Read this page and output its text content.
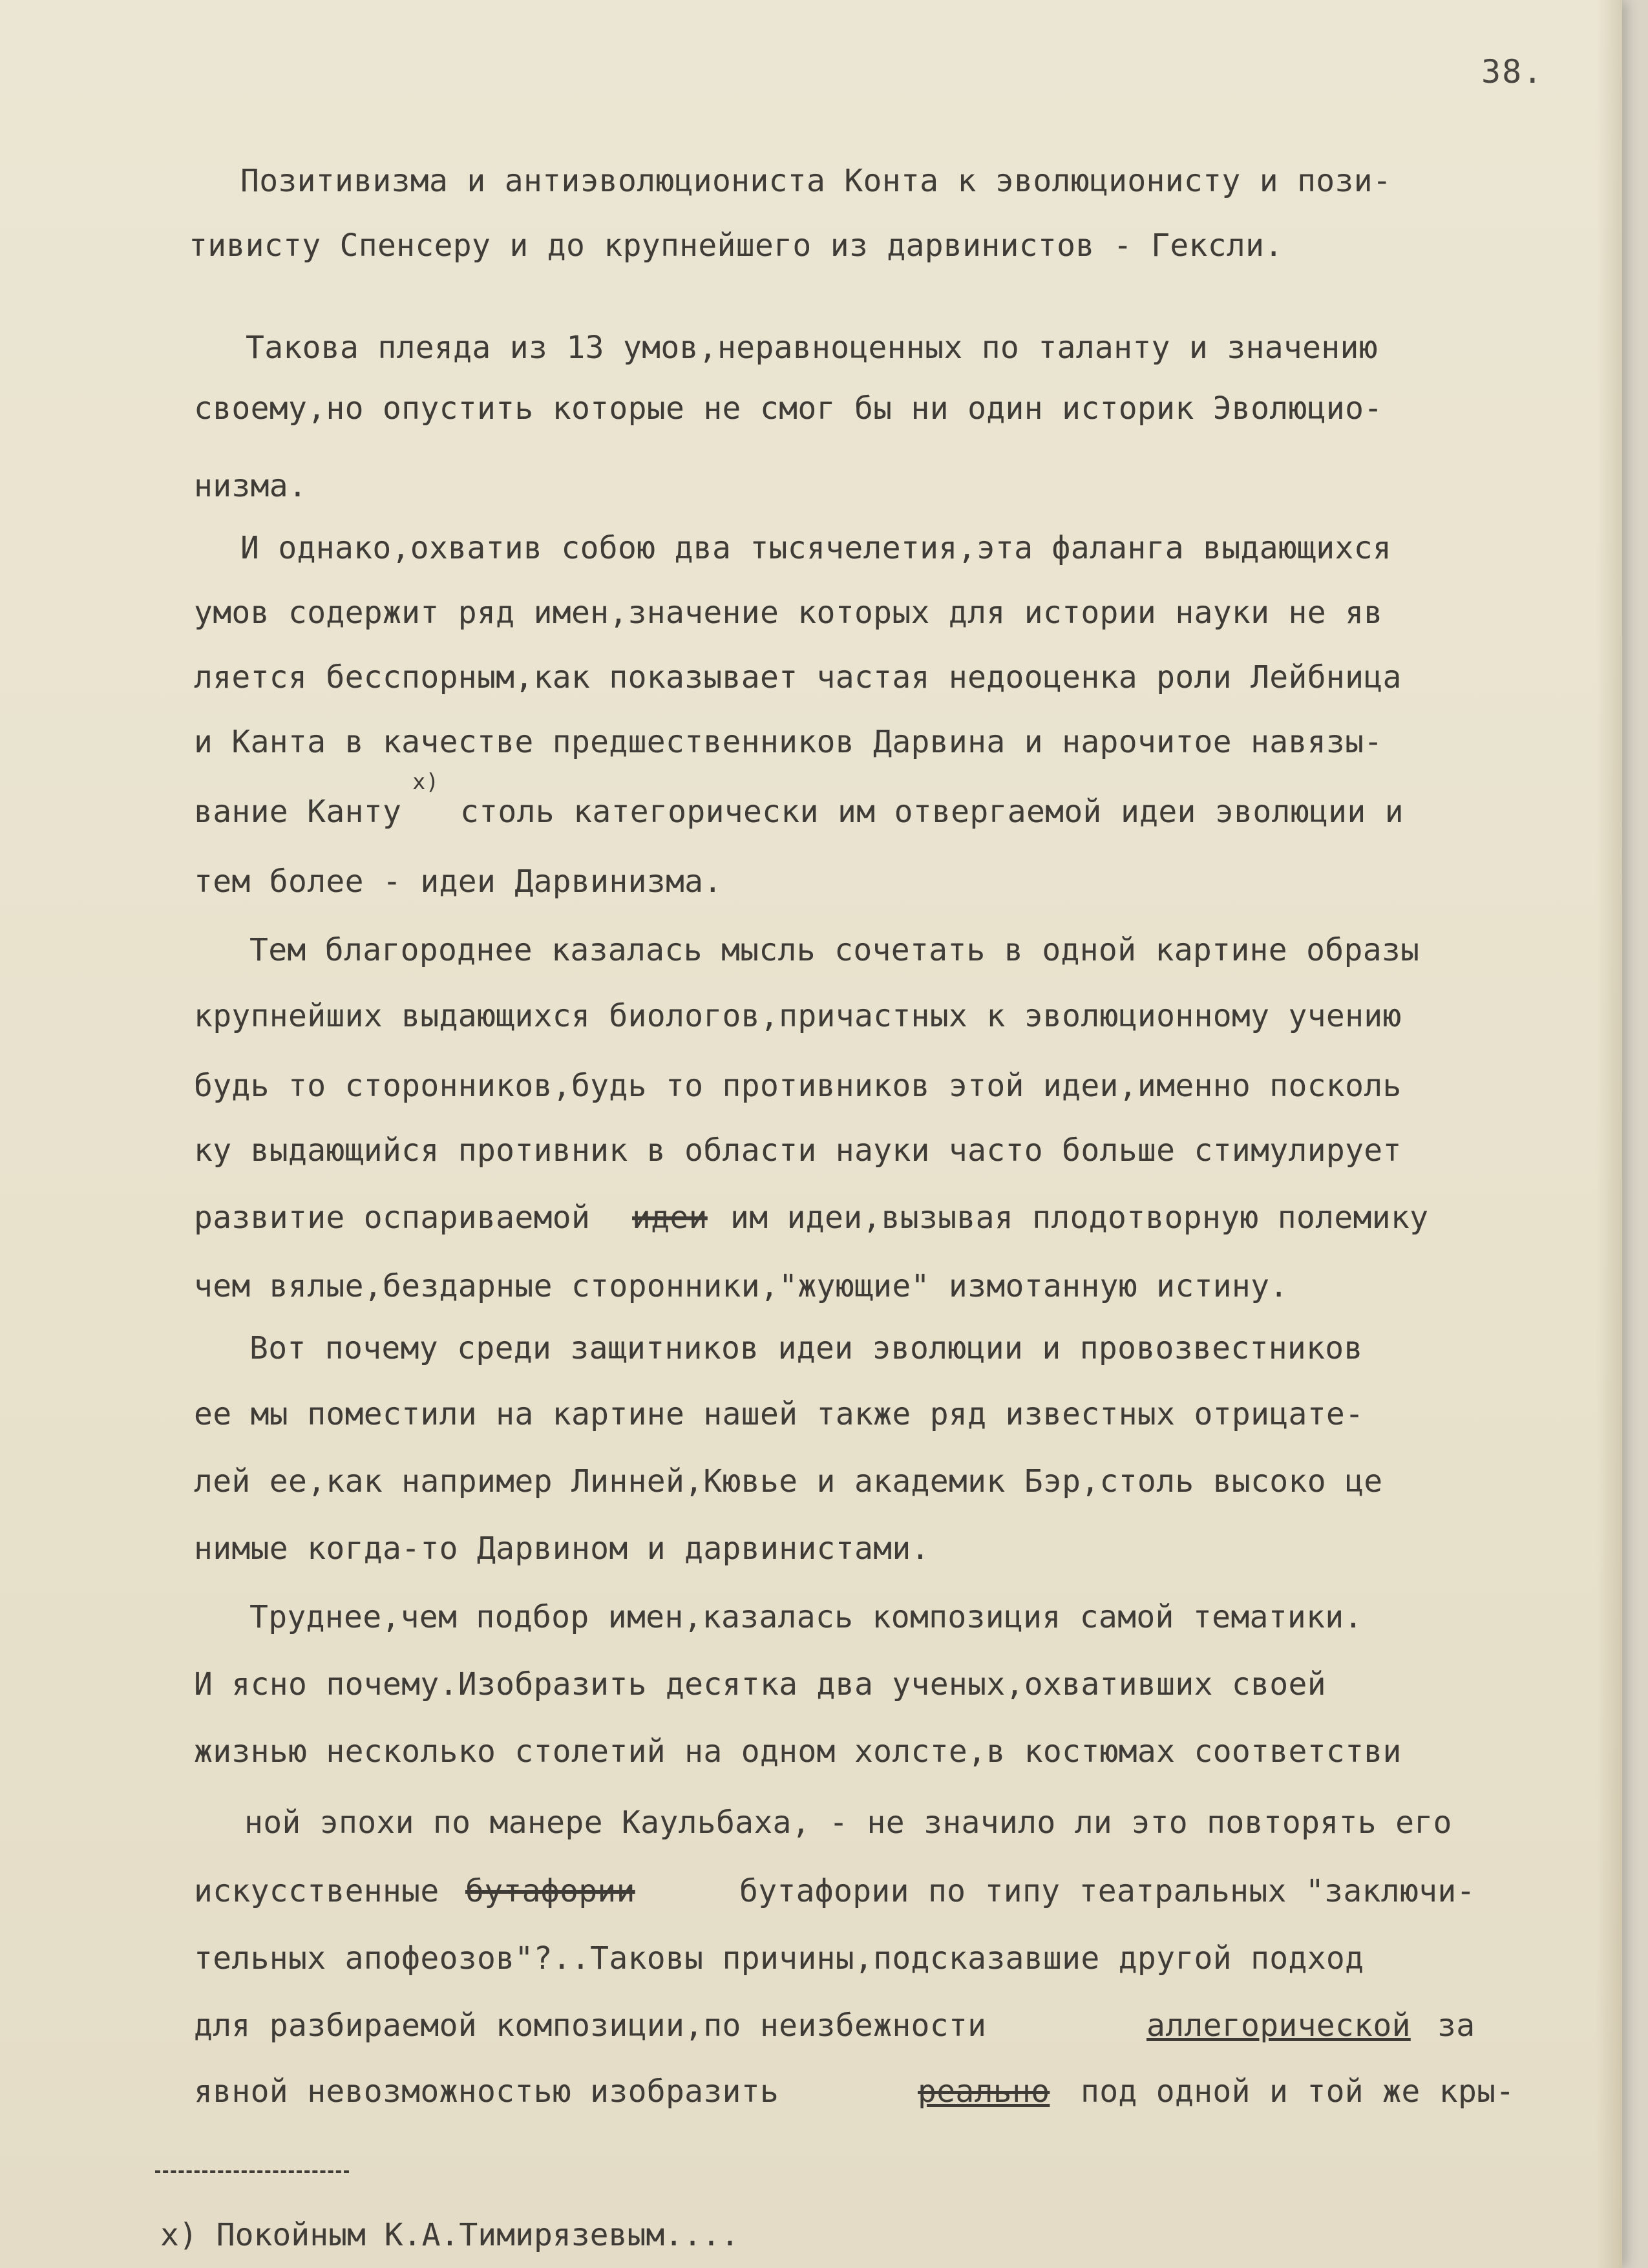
38.
Позитивизма и антиэволюциониста Конта к эволюционисту и пози-
тивисту Спенсеру и до крупнейшего из дарвинистов - Гексли.
Такова плеяда из 13 умов,неравноценных по таланту и значению
своему,но опустить которые не смог бы ни один историк Эволюцио-
низма.
И однако,охватив собою два тысячелетия,эта фаланга выдающихся
умов содержит ряд имен,значение которых для истории науки не яв
ляется бесспорным,как показывает частая недооценка роли Лейбница
и Канта в качестве предшественников Дарвина и нарочитое навязы-
вание Канту
x)
столь категорически им отвергаемой идеи эволюции и
тем более - идеи Дарвинизма.
Тем благороднее казалась мысль сочетать в одной картине образы
крупнейших выдающихся биологов,причастных к эволюционному учению
будь то сторонников,будь то противников этой идеи,именно посколь
ку выдающийся противник в области науки часто больше стимулирует
развитие оспариваемой идеи им идеи,вызывая плодотворную полемику
чем вялые,бездарные сторонники,"жующие" измотанную истину.
Вот почему среди защитников идеи эволюции и провозвестников
ее мы поместили на картине нашей также ряд известных отрицате-
лей ее,как например Линней,Кювье и академик Бэр,столь высоко це
нимые когда-то Дарвином и дарвинистами.
Труднее,чем подбор имен,казалась композиция самой тематики.
И ясно почему.Изобразить десятка два ученых,охвативших своей
жизнью несколько столетий на одном холсте,в костюмах соответстви
ной эпохи по манере Каульбаха, - не значило ли это повторять его
искусственные бутафории	бутафории по типу театральных "заключи-
тельных апофеозов"?..Таковы причины,подсказавшие другой подход
для разбираемой композиции,по неизбежности	аллегорической за
явной невозможностью изобразить	реально под одной и той же кры-
x) Покойным К.А.Тимирязевым....
